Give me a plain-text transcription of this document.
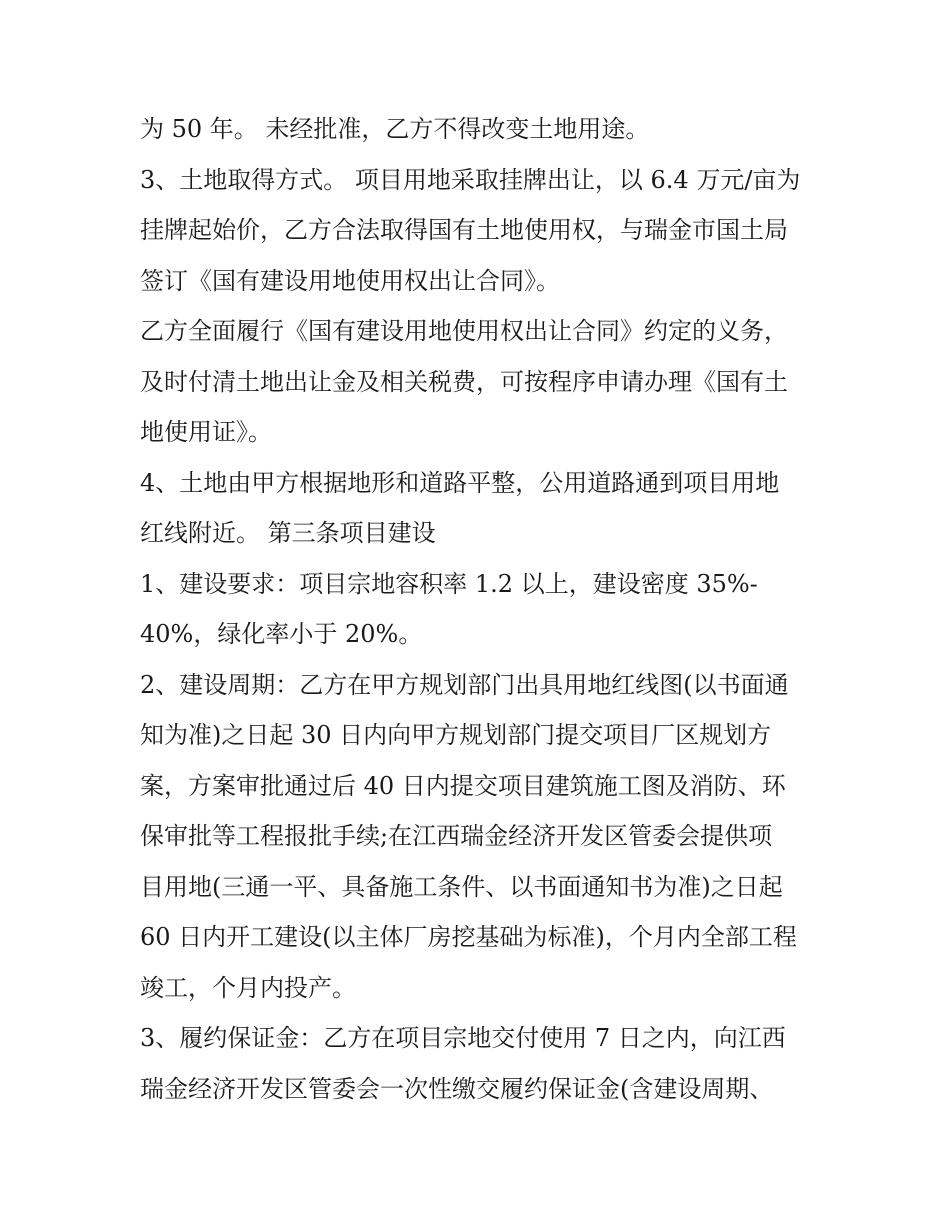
为 50 年。 未经批准，乙方不得改变土地用途。

3、土地取得方式。 项目用地采取挂牌出让，以 6.4 万元/亩为

挂牌起始价，乙方合法取得国有土地使用权，与瑞金市国土局

签订《国有建设用地使用权出让合同》。

乙方全面履行《国有建设用地使用权出让合同》约定的义务，

及时付清土地出让金及相关税费，可按程序申请办理《国有土

地使用证》。

4、土地由甲方根据地形和道路平整，公用道路通到项目用地

红线附近。 第三条项目建设

1、建设要求：项目宗地容积率 1.2 以上，建设密度 35%-

40%，绿化率小于 20%。

2、建设周期：乙方在甲方规划部门出具用地红线图(以书面通

知为准)之日起 30 日内向甲方规划部门提交项目厂区规划方

案，方案审批通过后 40 日内提交项目建筑施工图及消防、环

保审批等工程报批手续;在江西瑞金经济开发区管委会提供项

目用地(三通一平、具备施工条件、以书面通知书为准)之日起

60 日内开工建设(以主体厂房挖基础为标准)，个月内全部工程

竣工，个月内投产。

3、履约保证金：乙方在项目宗地交付使用 7 日之内，向江西

瑞金经济开发区管委会一次性缴交履约保证金(含建设周期、
